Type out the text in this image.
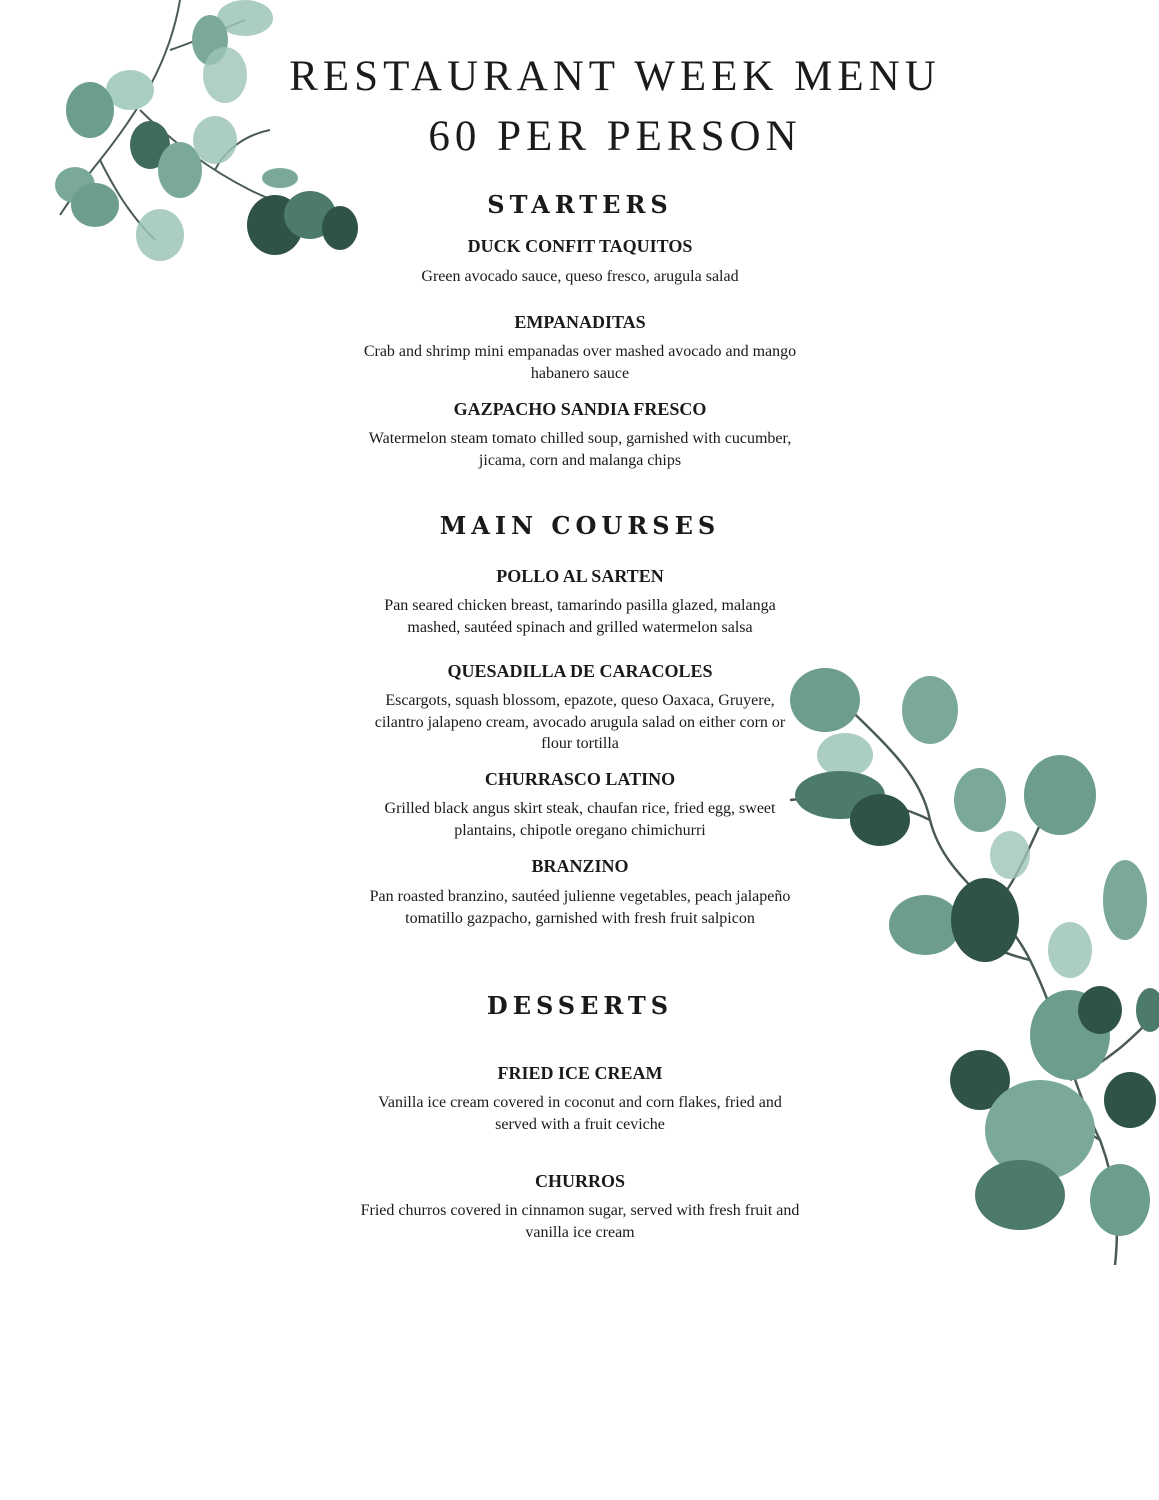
RESTAURANT WEEK MENU
60 PER PERSON
STARTERS
DUCK CONFIT TAQUITOS
Green avocado sauce, queso fresco, arugula salad
EMPANADITAS
Crab and shrimp mini empanadas over mashed avocado and mango habanero sauce
GAZPACHO SANDIA FRESCO
Watermelon steam tomato chilled soup, garnished with cucumber, jicama, corn and malanga chips
MAIN COURSES
POLLO AL SARTEN
Pan seared chicken breast, tamarindo pasilla glazed, malanga mashed, sautéed spinach and grilled watermelon salsa
QUESADILLA DE CARACOLES
Escargots, squash blossom, epazote, queso Oaxaca, Gruyere, cilantro jalapeno cream, avocado arugula salad on either corn or flour tortilla
CHURRASCO LATINO
Grilled black angus skirt steak, chaufan rice, fried egg, sweet plantains, chipotle oregano chimichurri
BRANZINO
Pan roasted branzino, sautéed julienne vegetables, peach jalapeño tomatillo gazpacho, garnished with fresh fruit salpicon
DESSERTS
FRIED ICE CREAM
Vanilla ice cream covered in coconut and corn flakes, fried and served with a fruit ceviche
CHURROS
Fried churros covered in cinnamon sugar, served with fresh fruit and vanilla ice cream
